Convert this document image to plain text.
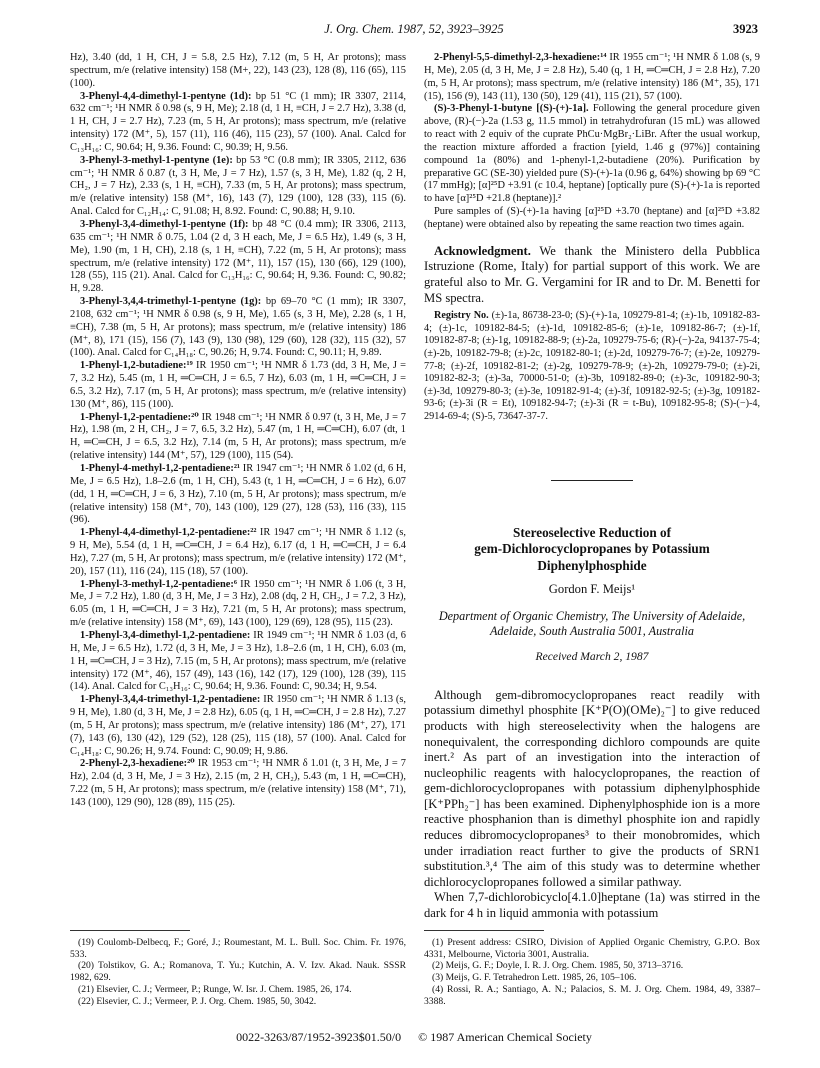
J. Org. Chem. 1987, 52, 3923–3925	3923

Hz), 3.40 (dd, 1 H, CH, J = 5.8, 2.5 Hz), 7.12 (m, 5 H, Ar protons); mass spectrum, m/e (relative intensity) 158 (M+, 22), 143 (23), 128 (8), 116 (65), 115 (100).

3-Phenyl-4,4-dimethyl-1-pentyne (1d): bp 51 °C (1 mm); IR 3307, 2114, 632 cm⁻¹; ¹H NMR δ 0.98 (s, 9 H, Me); 2.18 (d, 1 H, ≡CH, J = 2.7 Hz), 3.38 (d, 1 H, CH, J = 2.7 Hz), 7.23 (m, 5 H, Ar protons); mass spectrum, m/e (relative intensity) 172 (M⁺, 5), 157 (11), 116 (46), 115 (23), 57 (100). Anal. Calcd for C₁₃H₁₆: C, 90.64; H, 9.36. Found: C, 90.39; H, 9.56.

3-Phenyl-3-methyl-1-pentyne (1e): bp 53 °C (0.8 mm); IR 3305, 2112, 636 cm⁻¹; ¹H NMR δ 0.87 (t, 3 H, Me, J = 7 Hz), 1.57 (s, 3 H, Me), 1.82 (q, 2 H, CH₂, J = 7 Hz), 2.33 (s, 1 H, ≡CH), 7.33 (m, 5 H, Ar protons); mass spectrum, m/e (relative intensity) 158 (M⁺, 16), 143 (7), 129 (100), 128 (33), 115 (6). Anal. Calcd for C₁₂H₁₄: C, 91.08; H, 8.92. Found: C, 90.88; H, 9.10.

3-Phenyl-3,4-dimethyl-1-pentyne (1f): bp 48 °C (0.4 mm); IR 3306, 2113, 635 cm⁻¹; ¹H NMR δ 0.75, 1.04 (2 d, 3 H each, Me, J = 6.5 Hz), 1.49 (s, 3 H, Me), 1.90 (m, 1 H, CH), 2.18 (s, 1 H, ≡CH), 7.22 (m, 5 H, Ar protons); mass spectrum, m/e (relative intensity) 172 (M⁺, 11), 157 (15), 130 (66), 129 (100), 128 (55), 115 (21). Anal. Calcd for C₁₃H₁₆: C, 90.64; H, 9.36. Found: C, 90.82; H, 9.28.

3-Phenyl-3,4,4-trimethyl-1-pentyne (1g): bp 69–70 °C (1 mm); IR 3307, 2108, 632 cm⁻¹; ¹H NMR δ 0.98 (s, 9 H, Me), 1.65 (s, 3 H, Me), 2.28 (s, 1 H, ≡CH), 7.38 (m, 5 H, Ar protons); mass spectrum, m/e (relative intensity) 186 (M⁺, 8), 171 (15), 156 (7), 143 (9), 130 (98), 129 (60), 128 (32), 115 (32), 57 (100). Anal. Calcd for C₁₄H₁₈: C, 90.26; H, 9.74. Found: C, 90.11; H, 9.89.

1-Phenyl-1,2-butadiene:¹⁹ IR 1950 cm⁻¹; ¹H NMR δ 1.73 (dd, 3 H, Me, J = 7, 3.2 Hz), 5.45 (m, 1 H, ═C═CH, J = 6.5, 7 Hz), 6.03 (m, 1 H, ═C═CH, J = 6.5, 3.2 Hz), 7.17 (m, 5 H, Ar protons); mass spectrum, m/e (relative intensity) 130 (M⁺, 86), 115 (100).

1-Phenyl-1,2-pentadiene:²⁰ IR 1948 cm⁻¹; ¹H NMR δ 0.97 (t, 3 H, Me, J = 7 Hz), 1.98 (m, 2 H, CH₂, J = 7, 6.5, 3.2 Hz), 5.47 (m, 1 H, ═C═CH), 6.07 (dt, 1 H, ═C═CH, J = 6.5, 3.2 Hz), 7.14 (m, 5 H, Ar protons); mass spectrum, m/e (relative intensity) 144 (M⁺, 57), 129 (100), 115 (54).

1-Phenyl-4-methyl-1,2-pentadiene:²¹ IR 1947 cm⁻¹; ¹H NMR δ 1.02 (d, 6 H, Me, J = 6.5 Hz), 1.8–2.6 (m, 1 H, CH), 5.43 (t, 1 H, ═C═CH, J = 6 Hz), 6.07 (dd, 1 H, ═C═CH, J = 6, 3 Hz), 7.10 (m, 5 H, Ar protons); mass spectrum, m/e (relative intensity) 158 (M⁺, 70), 143 (100), 129 (27), 128 (53), 116 (33), 115 (96).

1-Phenyl-4,4-dimethyl-1,2-pentadiene:²² IR 1947 cm⁻¹; ¹H NMR δ 1.12 (s, 9 H, Me), 5.54 (d, 1 H, ═C═CH, J = 6.4 Hz), 6.17 (d, 1 H, ═C═CH, J = 6.4 Hz), 7.27 (m, 5 H, Ar protons); mass spectrum, m/e (relative intensity) 172 (M⁺, 20), 157 (11), 116 (24), 115 (18), 57 (100).

1-Phenyl-3-methyl-1,2-pentadiene:⁶ IR 1950 cm⁻¹; ¹H NMR δ 1.06 (t, 3 H, Me, J = 7.2 Hz), 1.80 (d, 3 H, Me, J = 3 Hz), 2.08 (dq, 2 H, CH₂, J = 7.2, 3 Hz), 6.05 (m, 1 H, ═C═CH, J = 3 Hz), 7.21 (m, 5 H, Ar protons); mass spectrum, m/e (relative intensity) 158 (M⁺, 69), 143 (100), 129 (69), 128 (95), 115 (23).

1-Phenyl-3,4-dimethyl-1,2-pentadiene: IR 1949 cm⁻¹; ¹H NMR δ 1.03 (d, 6 H, Me, J = 6.5 Hz), 1.72 (d, 3 H, Me, J = 3 Hz), 1.8–2.6 (m, 1 H, CH), 6.03 (m, 1 H, ═C═CH, J = 3 Hz), 7.15 (m, 5 H, Ar protons); mass spectrum, m/e (relative intensity) 172 (M⁺, 46), 157 (49), 143 (16), 142 (17), 129 (100), 128 (39), 115 (14). Anal. Calcd for C₁₃H₁₆: C, 90.64; H, 9.36. Found: C, 90.34; H, 9.54.

1-Phenyl-3,4,4-trimethyl-1,2-pentadiene: IR 1950 cm⁻¹; ¹H NMR δ 1.13 (s, 9 H, Me), 1.80 (d, 3 H, Me, J = 2.8 Hz), 6.05 (q, 1 H, ═C═CH, J = 2.8 Hz), 7.27 (m, 5 H, Ar protons); mass spectrum, m/e (relative intensity) 186 (M⁺, 27), 171 (7), 143 (6), 130 (42), 129 (52), 128 (25), 115 (18), 57 (100). Anal. Calcd for C₁₄H₁₈: C, 90.26; H, 9.74. Found: C, 90.09; H, 9.86.

2-Phenyl-2,3-hexadiene:²⁰ IR 1953 cm⁻¹; ¹H NMR δ 1.01 (t, 3 H, Me, J = 7 Hz), 2.04 (d, 3 H, Me, J = 3 Hz), 2.15 (m, 2 H, CH₂), 5.43 (m, 1 H, ═C═CH), 7.22 (m, 5 H, Ar protons); mass spectrum, m/e (relative intensity) 158 (M⁺, 71), 143 (100), 129 (90), 128 (89), 115 (25).

2-Phenyl-5,5-dimethyl-2,3-hexadiene:¹⁴ IR 1955 cm⁻¹; ¹H NMR δ 1.08 (s, 9 H, Me), 2.05 (d, 3 H, Me, J = 2.8 Hz), 5.40 (q, 1 H, ═C═CH, J = 2.8 Hz), 7.20 (m, 5 H, Ar protons); mass spectrum, m/e (relative intensity) 186 (M⁺, 35), 171 (15), 156 (9), 143 (11), 130 (50), 129 (41), 115 (21), 57 (100).

(S)-3-Phenyl-1-butyne [(S)-(+)-1a]. Following the general procedure given above, (R)-(−)-2a (1.53 g, 11.5 mmol) in tetrahydrofuran (15 mL) was allowed to react with 2 equiv of the cuprate PhCu·MgBr₂·LiBr. After the usual workup, the reaction mixture afforded a fraction [yield, 1.46 g (97%)] containing compound 1a (80%) and 1-phenyl-1,2-butadiene (20%). Purification by preparative GC (SE-30) yielded pure (S)-(+)-1a (0.96 g, 64%) showing bp 69 °C (17 mmHg); [α]²⁵D +3.91 (c 10.4, heptane) [optically pure (S)-(+)-1a is reported to have [α]²⁵D +21.8 (heptane)].²

Pure samples of (S)-(+)-1a having [α]²⁵D +3.70 (heptane) and [α]²⁵D +3.82 (heptane) were obtained also by repeating the same reaction two times again.

Acknowledgment. We thank the Ministero della Pubblica Istruzione (Rome, Italy) for partial support of this work. We are grateful also to Mr. G. Vergamini for IR and to Dr. M. Benetti for MS spectra.

Registry No. (±)-1a, 86738-23-0; (S)-(+)-1a, 109279-81-4; (±)-1b, 109182-83-4; (±)-1c, 109182-84-5; (±)-1d, 109182-85-6; (±)-1e, 109182-86-7; (±)-1f, 109182-87-8; (±)-1g, 109182-88-9; (±)-2a, 109279-75-6; (R)-(−)-2a, 94137-75-4; (±)-2b, 109182-79-8; (±)-2c, 109182-80-1; (±)-2d, 109279-76-7; (±)-2e, 109279-77-8; (±)-2f, 109182-81-2; (±)-2g, 109279-78-9; (±)-2h, 109279-79-0; (±)-2i, 109182-82-3; (±)-3a, 70000-51-0; (±)-3b, 109182-89-0; (±)-3c, 109182-90-3; (±)-3d, 109279-80-3; (±)-3e, 109182-91-4; (±)-3f, 109182-92-5; (±)-3g, 109182-93-6; (±)-3i (R = Et), 109182-94-7; (±)-3i (R = t-Bu), 109182-95-8; (S)-(−)-4, 2914-69-4; (S)-5, 73647-37-7.

Stereoselective Reduction of
gem-Dichlorocyclopropanes by Potassium
Diphenylphosphide
Gordon F. Meijs¹
Department of Organic Chemistry, The University of Adelaide, Adelaide, South Australia 5001, Australia
Received March 2, 1987

Although gem-dibromocyclopropanes react readily with potassium dimethyl phosphite [K⁺P(O)(OMe)₂⁻] to give reduced products with high stereoselectivity when the halogens are nonequivalent, the corresponding dichloro compounds are quite inert.² As part of an investigation into the interaction of nucleophilic reagents with halocyclopropanes, the reaction of gem-dichlorocyclopropanes with potassium diphenylphosphide [K⁺PPh₂⁻] has been examined. Diphenylphosphide ion is a more reactive phosphanion than is dimethyl phosphite ion and rapidly reduces dibromocyclopropanes³ to their monobromides, which under irradiation react further to give the products of SRN1 substitution.³,⁴ The aim of this study was to determine whether dichlorocyclopropanes followed a similar pathway.

When 7,7-dichlorobicyclo[4.1.0]heptane (1a) was stirred in the dark for 4 h in liquid ammonia with potassium

(19) Coulomb-Delbecq, F.; Goré, J.; Roumestant, M. L. Bull. Soc. Chim. Fr. 1976, 533.

(20) Tolstikov, G. A.; Romanova, T. Yu.; Kutchin, A. V. Izv. Akad. Nauk. SSSR 1982, 629.

(21) Elsevier, C. J.; Vermeer, P.; Runge, W. Isr. J. Chem. 1985, 26, 174.

(22) Elsevier, C. J.; Vermeer, P. J. Org. Chem. 1985, 50, 3042.

(1) Present address: CSIRO, Division of Applied Organic Chemistry, G.P.O. Box 4331, Melbourne, Victoria 3001, Australia.

(2) Meijs, G. F.; Doyle, I. R. J. Org. Chem. 1985, 50, 3713–3716.

(3) Meijs, G. F. Tetrahedron Lett. 1985, 26, 105–106.

(4) Rossi, R. A.; Santiago, A. N.; Palacios, S. M. J. Org. Chem. 1984, 49, 3387–3388.

0022-3263/87/1952-3923$01.50/0 © 1987 American Chemical Society
